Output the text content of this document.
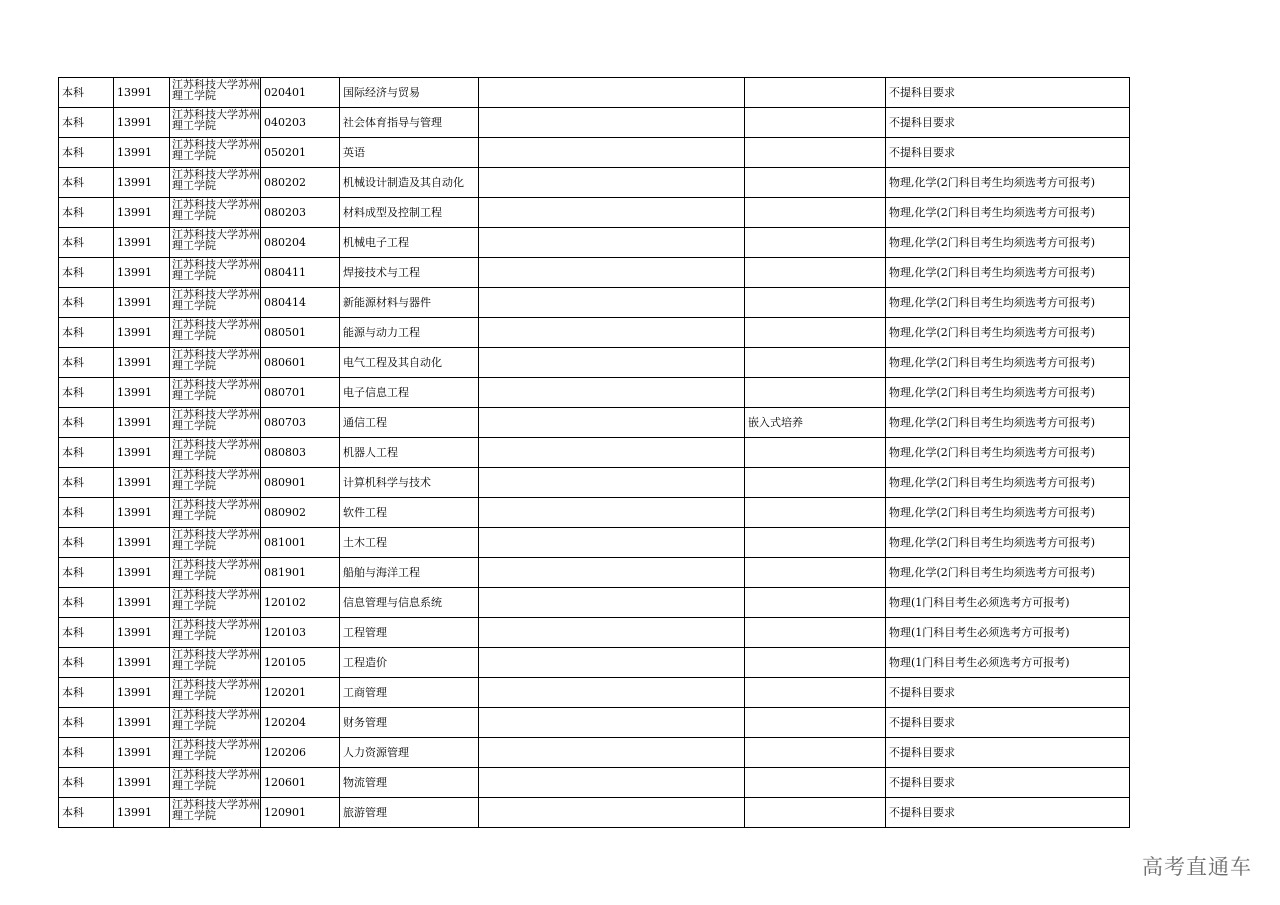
本科	13991	江苏科技大学苏州理工学院	020401	国际经济与贸易			不提科目要求
本科	13991	江苏科技大学苏州理工学院	040203	社会体育指导与管理			不提科目要求
本科	13991	江苏科技大学苏州理工学院	050201	英语			不提科目要求
本科	13991	江苏科技大学苏州理工学院	080202	机械设计制造及其自动化			物理,化学(2门科目考生均须选考方可报考)
本科	13991	江苏科技大学苏州理工学院	080203	材料成型及控制工程			物理,化学(2门科目考生均须选考方可报考)
本科	13991	江苏科技大学苏州理工学院	080204	机械电子工程			物理,化学(2门科目考生均须选考方可报考)
本科	13991	江苏科技大学苏州理工学院	080411	焊接技术与工程			物理,化学(2门科目考生均须选考方可报考)
本科	13991	江苏科技大学苏州理工学院	080414	新能源材料与器件			物理,化学(2门科目考生均须选考方可报考)
本科	13991	江苏科技大学苏州理工学院	080501	能源与动力工程			物理,化学(2门科目考生均须选考方可报考)
本科	13991	江苏科技大学苏州理工学院	080601	电气工程及其自动化			物理,化学(2门科目考生均须选考方可报考)
本科	13991	江苏科技大学苏州理工学院	080701	电子信息工程			物理,化学(2门科目考生均须选考方可报考)
本科	13991	江苏科技大学苏州理工学院	080703	通信工程		嵌入式培养	物理,化学(2门科目考生均须选考方可报考)
本科	13991	江苏科技大学苏州理工学院	080803	机器人工程			物理,化学(2门科目考生均须选考方可报考)
本科	13991	江苏科技大学苏州理工学院	080901	计算机科学与技术			物理,化学(2门科目考生均须选考方可报考)
本科	13991	江苏科技大学苏州理工学院	080902	软件工程			物理,化学(2门科目考生均须选考方可报考)
本科	13991	江苏科技大学苏州理工学院	081001	土木工程			物理,化学(2门科目考生均须选考方可报考)
本科	13991	江苏科技大学苏州理工学院	081901	船舶与海洋工程			物理,化学(2门科目考生均须选考方可报考)
本科	13991	江苏科技大学苏州理工学院	120102	信息管理与信息系统			物理(1门科目考生必须选考方可报考)
本科	13991	江苏科技大学苏州理工学院	120103	工程管理			物理(1门科目考生必须选考方可报考)
本科	13991	江苏科技大学苏州理工学院	120105	工程造价			物理(1门科目考生必须选考方可报考)
本科	13991	江苏科技大学苏州理工学院	120201	工商管理			不提科目要求
本科	13991	江苏科技大学苏州理工学院	120204	财务管理			不提科目要求
本科	13991	江苏科技大学苏州理工学院	120206	人力资源管理			不提科目要求
本科	13991	江苏科技大学苏州理工学院	120601	物流管理			不提科目要求
本科	13991	江苏科技大学苏州理工学院	120901	旅游管理			不提科目要求
高考直通车
